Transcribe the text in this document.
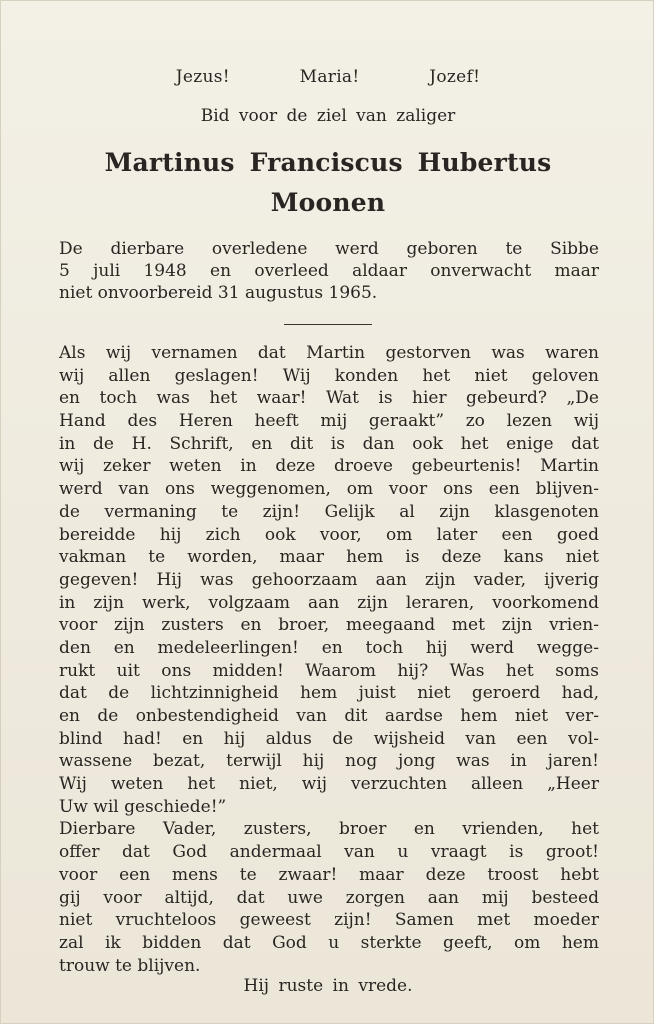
Jezus!	Maria!	Jozef!
Bid voor de ziel van zaliger
Martinus Franciscus Hubertus
Moonen
De dierbare overledene werd geboren te Sibbe
5 juli 1948 en overleed aldaar onverwacht maar
niet onvoorbereid 31 augustus 1965.
Als wij vernamen dat Martin gestorven was waren
wij allen geslagen! Wij konden het niet geloven
en toch was het waar! Wat is hier gebeurd? „De
Hand des Heren heeft mij geraakt” zo lezen wij
in de H. Schrift, en dit is dan ook het enige dat
wij zeker weten in deze droeve gebeurtenis! Martin
werd van ons weggenomen, om voor ons een blijven-
de vermaning te zijn! Gelijk al zijn klasgenoten
bereidde hij zich ook voor, om later een goed
vakman te worden, maar hem is deze kans niet
gegeven! Hij was gehoorzaam aan zijn vader, ijverig
in zijn werk, volgzaam aan zijn leraren, voorkomend
voor zijn zusters en broer, meegaand met zijn vrien-
den en medeleerlingen! en toch hij werd wegge-
rukt uit ons midden! Waarom hij? Was het soms
dat de lichtzinnigheid hem juist niet geroerd had,
en de onbestendigheid van dit aardse hem niet ver-
blind had! en hij aldus de wijsheid van een vol-
wassene bezat, terwijl hij nog jong was in jaren!
Wij weten het niet, wij verzuchten alleen „Heer
Uw wil geschiede!”
Dierbare Vader, zusters, broer en vrienden, het
offer dat God andermaal van u vraagt is groot!
voor een mens te zwaar! maar deze troost hebt
gij voor altijd, dat uwe zorgen aan mij besteed
niet vruchteloos geweest zijn! Samen met moeder
zal ik bidden dat God u sterkte geeft, om hem
trouw te blijven.
Hij ruste in vrede.
